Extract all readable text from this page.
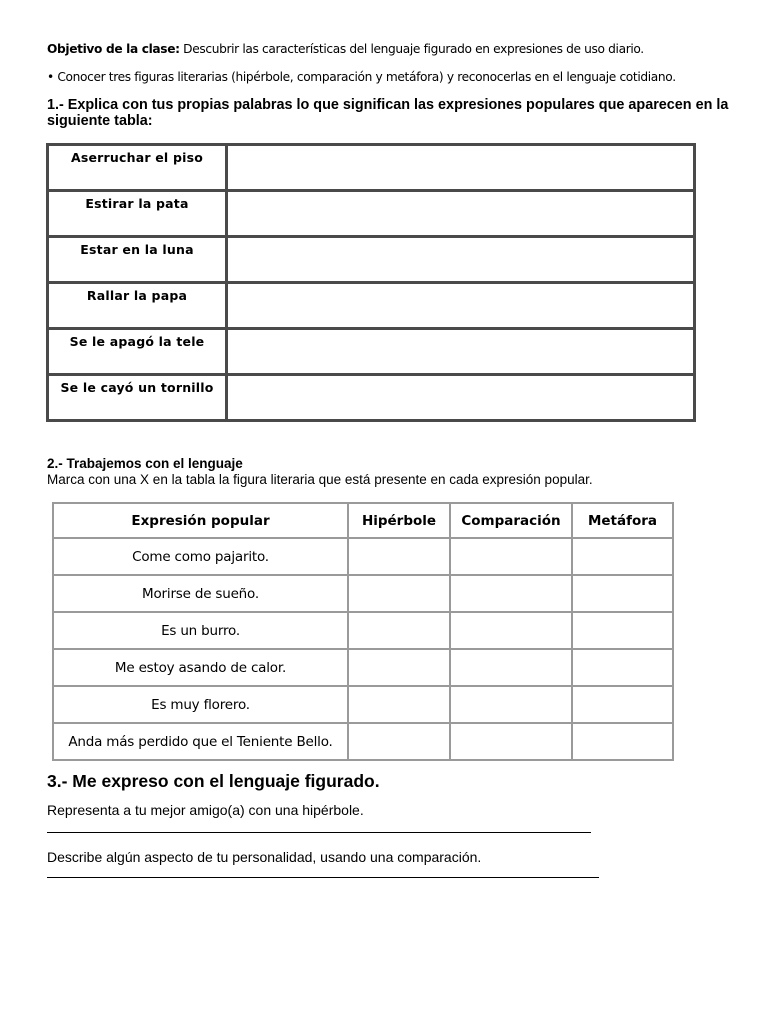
Objetivo de la clase: Descubrir las características del lenguaje figurado en expresiones de uso diario.
• Conocer tres figuras literarias (hipérbole, comparación y metáfora) y reconocerlas en el lenguaje cotidiano.
1.- Explica con tus propias palabras lo que significan las expresiones populares que aparecen en la siguiente tabla:
Aserruchar el piso	
Estirar la pata	
Estar en la luna	
Rallar la papa	
Se le apagó la tele	
Se le cayó un tornillo	
2.- Trabajemos con el lenguaje
Marca con una X en la tabla la figura literaria que está presente en cada expresión popular.
Expresión popular	Hipérbole	Comparación	Metáfora
Come como pajarito.			
Morirse de sueño.			
Es un burro.			
Me estoy asando de calor.			
Es muy florero.			
Anda más perdido que el Teniente Bello.			
3.- Me expreso con el lenguaje figurado.
Representa a tu mejor amigo(a) con una hipérbole.
Describe algún aspecto de tu personalidad, usando una comparación.
